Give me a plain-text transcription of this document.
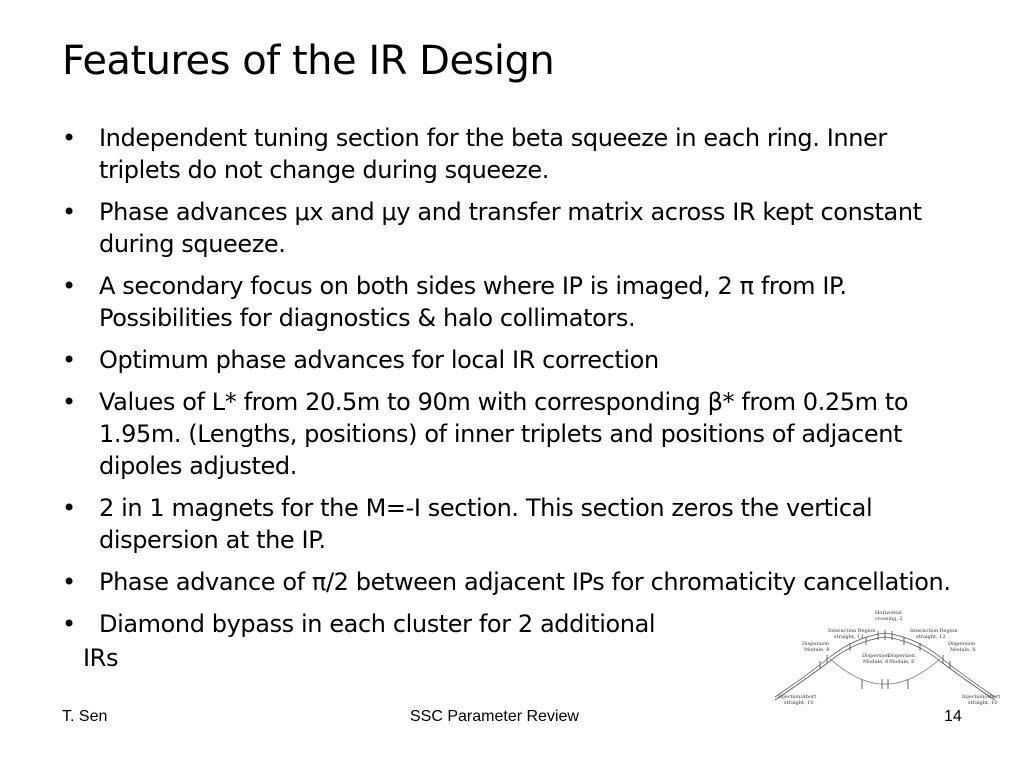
Features of the IR Design
• Independent tuning section for the beta squeeze in each ring. Inner triplets do not change during squeeze.
• Phase advances μx and μy and transfer matrix across IR kept constant during squeeze.
• A secondary focus on both sides where IP is imaged, 2 π from IP. Possibilities for diagnostics & halo collimators.
• Optimum phase advances for local IR correction
• Values of L* from 20.5m to 90m with corresponding β* from 0.25m to 1.95m. (Lengths, positions) of inner triplets and positions of adjacent dipoles adjusted.
• 2 in 1 magnets for the M=-I section. This section zeros the vertical dispersion at the IP.
• Phase advance of π/2 between adjacent IPs for chromaticity cancellation.
• Diamond bypass in each cluster for 2 additional
IRs
Horizontal
crossing, 2
Interaction Region
straight, 12
Interaction Region
straight, 12
Dispersion
Module, 8
Dispersion
Module, 8
Dispersion
Module, 6
Dispersion
Module, 6
Injection/Abort
straight, 10
Injection/Abort
straight, 10
T. Sen	SSC Parameter Review	14
